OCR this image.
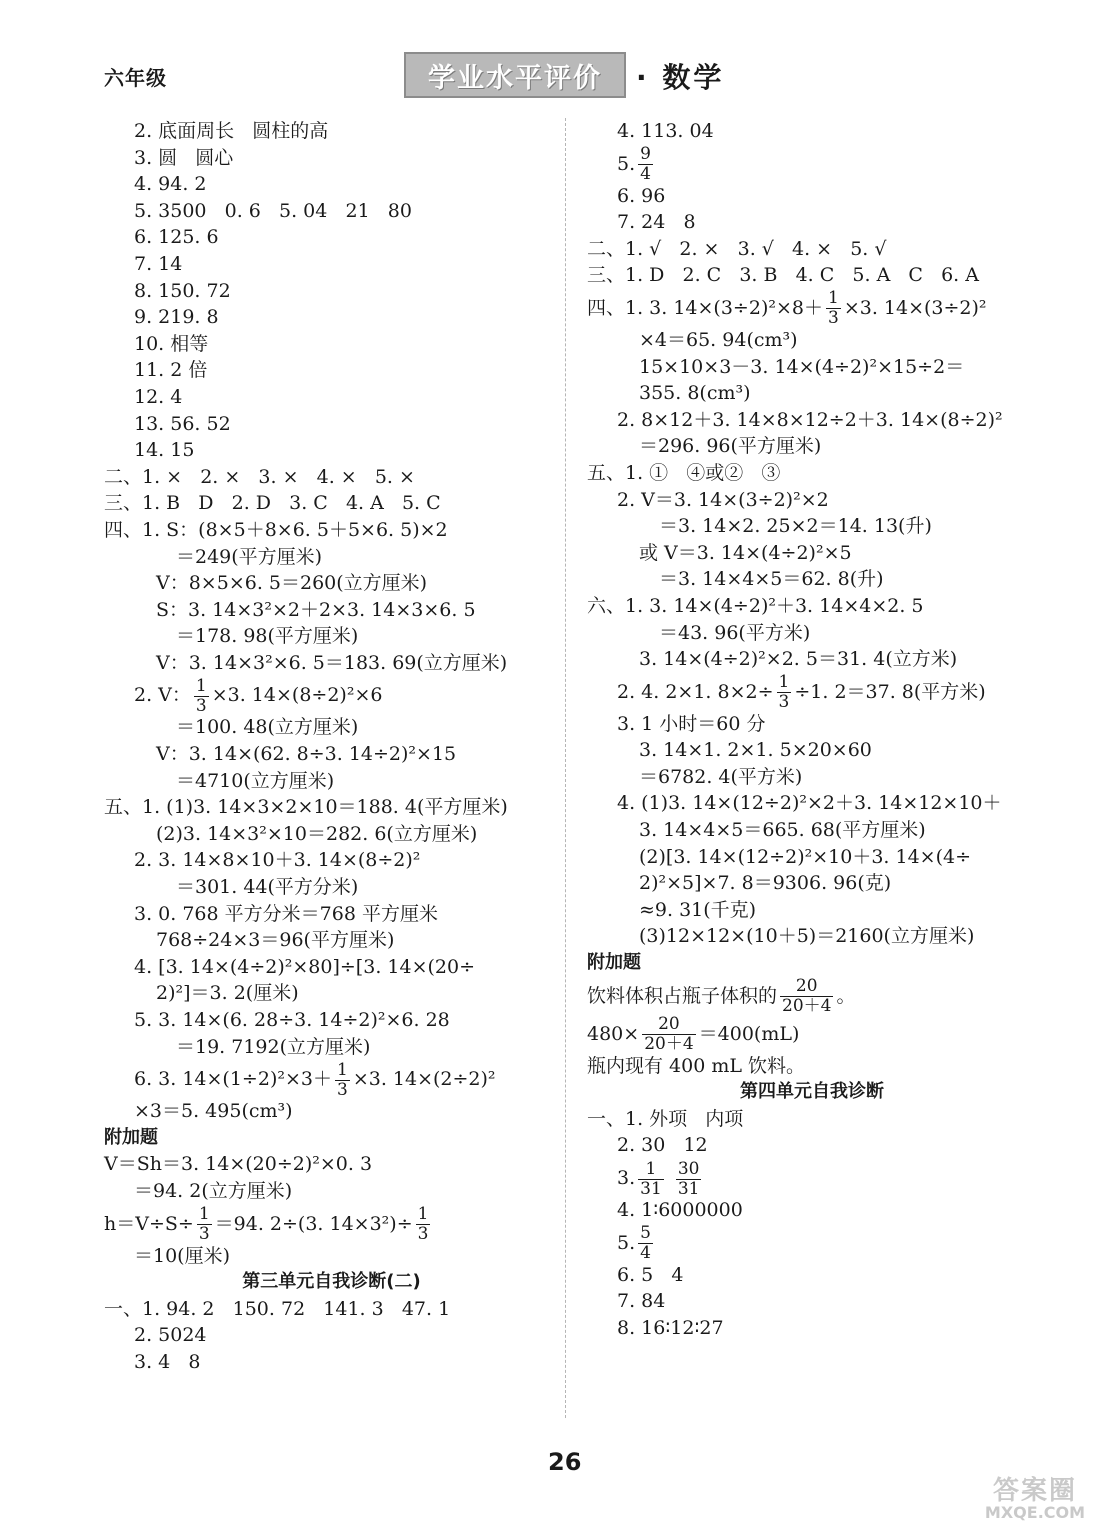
六年级	学业水平评价	· 数学
2. 底面周长   圆柱的高
3. 圆   圆心
4. 94. 2
5. 3500   0. 6   5. 04   21   80
6. 125. 6
7. 14
8. 150. 72
9. 219. 8
10. 相等
11. 2 倍
12. 4
13. 56. 52
14. 15
二、1. ×   2. ×   3. ×   4. ×   5. ×
三、1. B   D   2. D   3. C   4. A   5. C
四、1. S：(8×5＋8×6. 5＋5×6. 5)×2
＝249(平方厘米)
V：8×5×6. 5＝260(立方厘米)
S：3. 14×3²×2＋2×3. 14×3×6. 5
＝178. 98(平方厘米)
V：3. 14×3²×6. 5＝183. 69(立方厘米)
2. V： $\frac{1}{3} \times 3$. 14×(8÷2)²×6
＝100. 48(立方厘米)
V：3. 14×(62. 8÷3. 14÷2)²×15
＝4710(立方厘米)
五、1. (1)3. 14×3×2×10＝188. 4(平方厘米)
(2)3. 14×3²×10＝282. 6(立方厘米)
2. 3. 14×8×10＋3. 14×(8÷2)²
＝301. 44(平方分米)
3. 0. 768 平方分米＝768 平方厘米
768÷24×3＝96(平方厘米)
4. [3. 14×(4÷2)²×80]÷[3. 14×(20÷
2)²]＝3. 2(厘米)
5. 3. 14×(6. 28÷3. 14÷2)²×6. 28
＝19. 7192(立方厘米)
6. 3. $14\times(1\div 2)^2\times 3+ \frac{1}{3} \times 3$. 14×(2÷2)²
×3＝5. 495(cm³)
附加题
V＝Sh＝3. 14×(20÷2)²×0. 3
＝94. 2(立方厘米)
$h=V\div S\div \frac{1}{3} =94$. 2÷(3. $14\times 3^2)\div \frac{1}{3}$
＝10(厘米)
第三单元自我诊断(二)
一、1. 94. 2   150. 72   141. 3   47. 1
2. 5024
3. 4   8
4. 113. 04
5. $\frac{9}{4}$
6. 96
7. 24   8
二、1. √   2. ×   3. √   4. ×   5. √
三、1. D   2. C   3. B   4. C   5. A   C   6. A
四、1. 3. $14\times(3\div 2)^2\times 8+ \frac{1}{3} \times 3$. 14×(3÷2)²
×4＝65. 94(cm³)
15×10×3－3. 14×(4÷2)²×15÷2＝
355. 8(cm³)
2. 8×12＋3. 14×8×12÷2＋3. 14×(8÷2)²
＝296. 96(平方厘米)
五、1. ①   ④或②   ③
2. V＝3. 14×(3÷2)²×2
＝3. 14×2. 25×2＝14. 13(升)
或 V＝3. 14×(4÷2)²×5
＝3. 14×4×5＝62. 8(升)
六、1. 3. 14×(4÷2)²＋3. 14×4×2. 5
＝43. 96(平方米)
3. 14×(4÷2)²×2. 5＝31. 4(立方米)
2. 4. 2×1. $8\times 2\div \frac{1}{3} \div 1$. 2＝37. 8(平方米)
3. 1 小时＝60 分
3. 14×1. 2×1. 5×20×60
＝6782. 4(平方米)
4. (1)3. 14×(12÷2)²×2＋3. 14×12×10＋
3. 14×4×5＝665. 68(平方厘米)
(2)[3. 14×(12÷2)²×10＋3. 14×(4÷
2)²×5]×7. 8＝9306. 96(克)
≈9. 31(千克)
(3)12×12×(10＋5)＝2160(立方厘米)
附加题
饮料体积占瓶子体积的 $\frac{20}{20+4}$ 。
$480\times \frac{20}{20+4} =400(mL)$
瓶内现有 400 mL 饮料。
第四单元自我诊断
一、1. 外项   内项
2. 30   12
3. $\frac{1}{31}$
$\frac{30}{31}$
4. 1∶6000000
5. $\frac{5}{4}$
6. 5   4
7. 84
8. 16∶12∶27
26
答案圈
MXQE.COM
